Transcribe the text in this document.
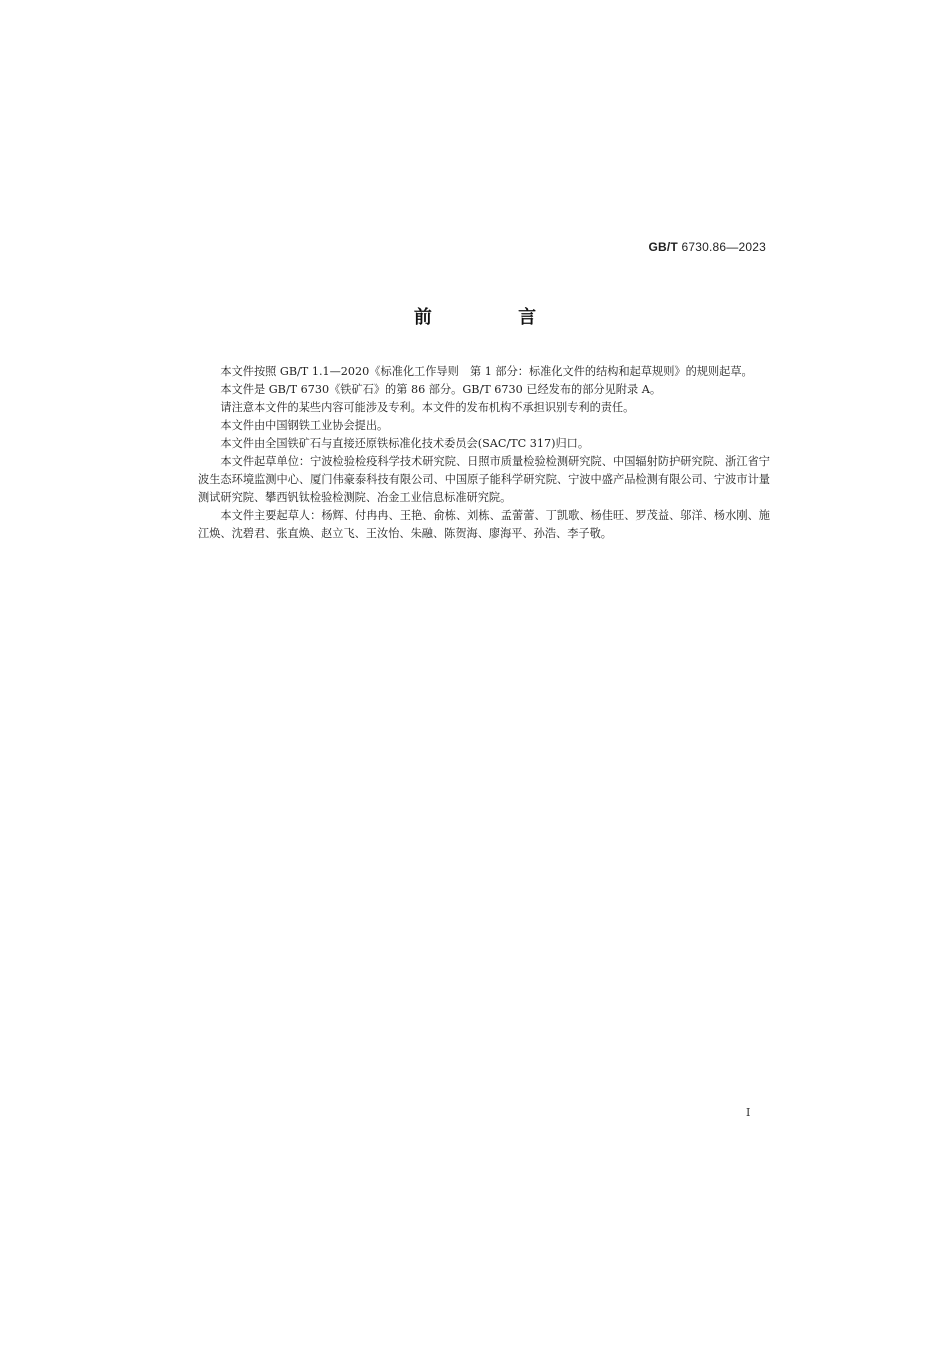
GB/T 6730.86—2023
前 言

本文件按照 GB/T 1.1—2020《标准化工作导则　第 1 部分：标准化文件的结构和起草规则》的规则起草。

本文件是 GB/T 6730《铁矿石》的第 86 部分。GB/T 6730 已经发布的部分见附录 A。

请注意本文件的某些内容可能涉及专利。本文件的发布机构不承担识别专利的责任。

本文件由中国钢铁工业协会提出。

本文件由全国铁矿石与直接还原铁标准化技术委员会(SAC/TC 317)归口。

本文件起草单位：宁波检验检疫科学技术研究院、日照市质量检验检测研究院、中国辐射防护研究院、浙江省宁波生态环境监测中心、厦门伟豪泰科技有限公司、中国原子能科学研究院、宁波中盛产品检测有限公司、宁波市计量测试研究院、攀西钒钛检验检测院、冶金工业信息标准研究院。

本文件主要起草人：杨辉、付冉冉、王艳、俞栋、刘栋、孟蕾蕾、丁凯歌、杨佳旺、罗茂益、邬洋、杨水刚、施江焕、沈碧君、张直焕、赵立飞、王汝怡、朱融、陈贺海、廖海平、孙浩、李子敬。

I
